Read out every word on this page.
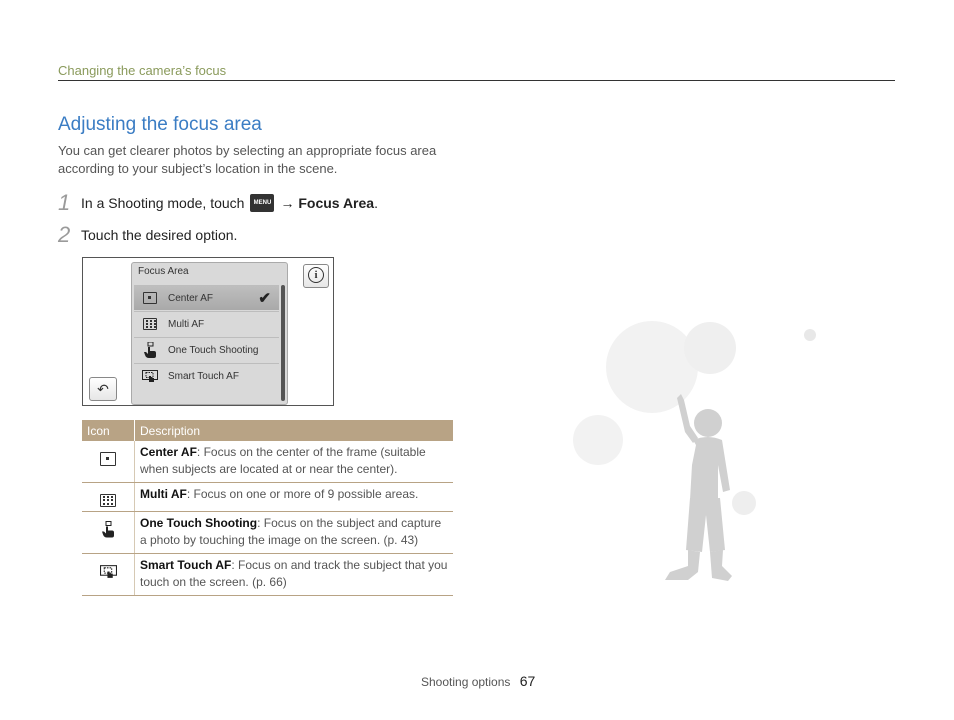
Changing the camera’s focus
Adjusting the focus area
You can get clearer photos by selecting an appropriate focus area according to your subject’s location in the scene.
1 In a Shooting mode, touch	MENU →
Focus Area .
2 Touch the desired option.
i
↶
Focus Area
Center AF	✔
Multi AF
One Touch Shooting
Smart Touch AF
Icon	Description

	Center AF: Focus on the center of the frame (suitable when subjects are located at or near the center).

	Multi AF: Focus on one or more of 9 possible areas.

	One Touch Shooting: Focus on the subject and capture a photo by touching the image on the screen. (p. 43)

	Smart Touch AF: Focus on and track the subject that you touch on the screen. (p. 66)
Shooting options 67
